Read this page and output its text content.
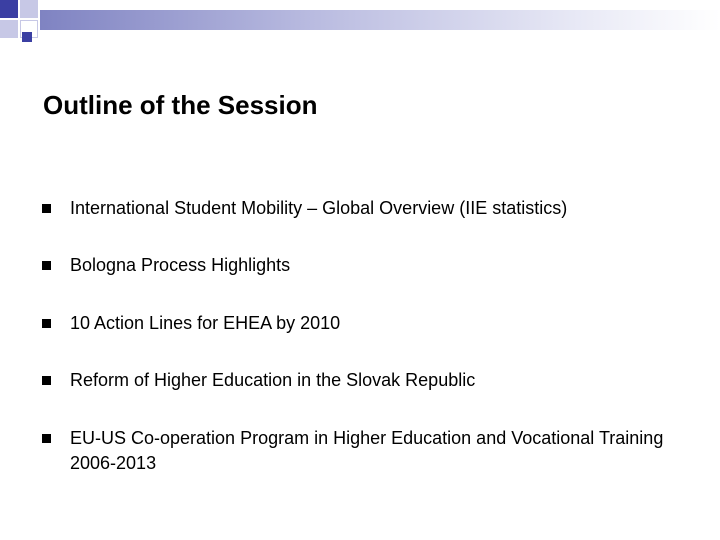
Outline of the Session
International Student Mobility – Global Overview (IIE statistics)
Bologna Process Highlights
10 Action Lines for EHEA by 2010
Reform of Higher Education in the Slovak Republic
EU-US Co-operation Program in Higher Education and Vocational Training 2006-2013
